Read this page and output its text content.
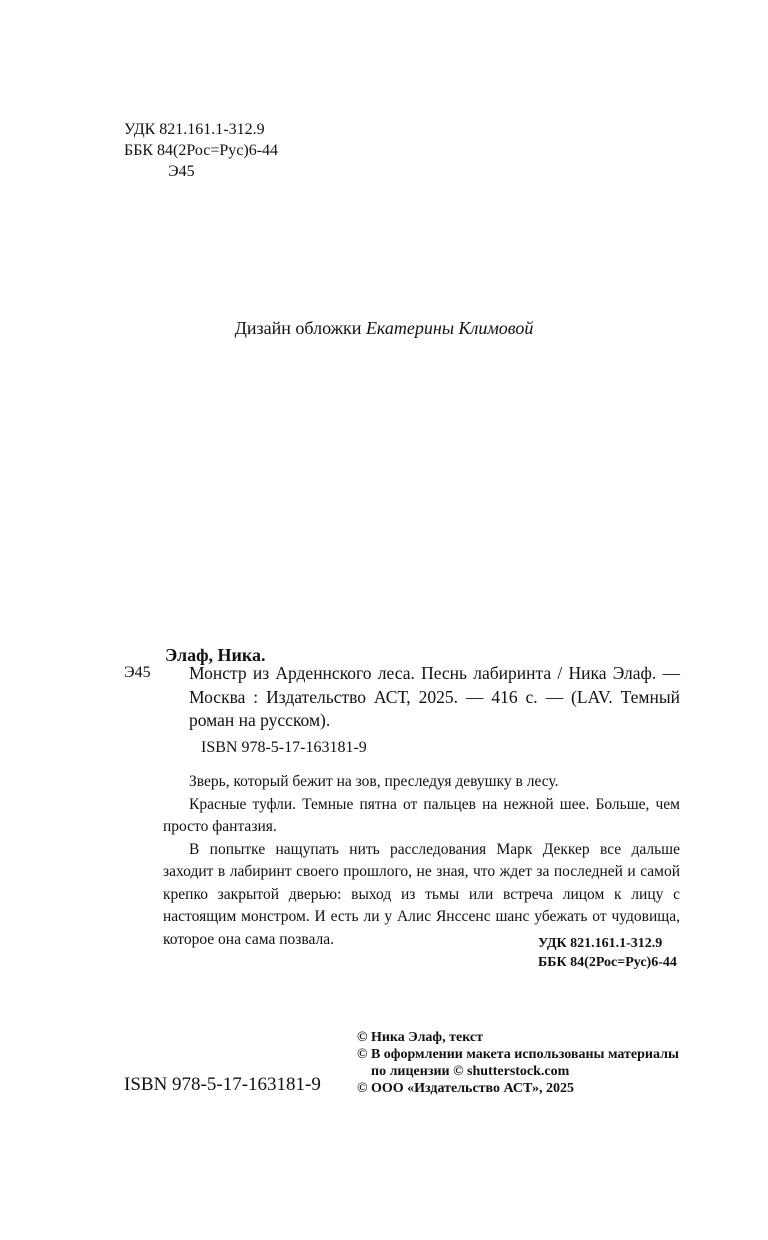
УДК 821.161.1-312.9
ББК 84(2Рос=Рус)6-44
Э45
Дизайн обложки Екатерины Климовой
Элаф, Ника.
Э45 Монстр из Арденнского леса. Песнь лабиринта / Ника Элаф. — Москва : Издательство АСТ, 2025. — 416 с. — (LAV. Темный роман на русском).
ISBN 978-5-17-163181-9

Зверь, который бежит на зов, преследуя девушку в лесу.

Красные туфли. Темные пятна от пальцев на нежной шее. Больше, чем просто фантазия.

В попытке нащупать нить расследования Марк Деккер все дальше заходит в лабиринт своего прошлого, не зная, что ждет за последней и самой крепко закрытой дверью: выход из тьмы или встреча лицом к лицу с настоящим монстром. И есть ли у Алис Янссенс шанс убежать от чудовища, которое она сама позвала.	УДК 821.161.1-312.9
ББК 84(2Рос=Рус)6-44
ISBN 978-5-17-163181-9
© Ника Элаф, текст
© В оформлении макета использованы материалы
по лицензии © shutterstock.com
© ООО «Издательство АСТ», 2025
